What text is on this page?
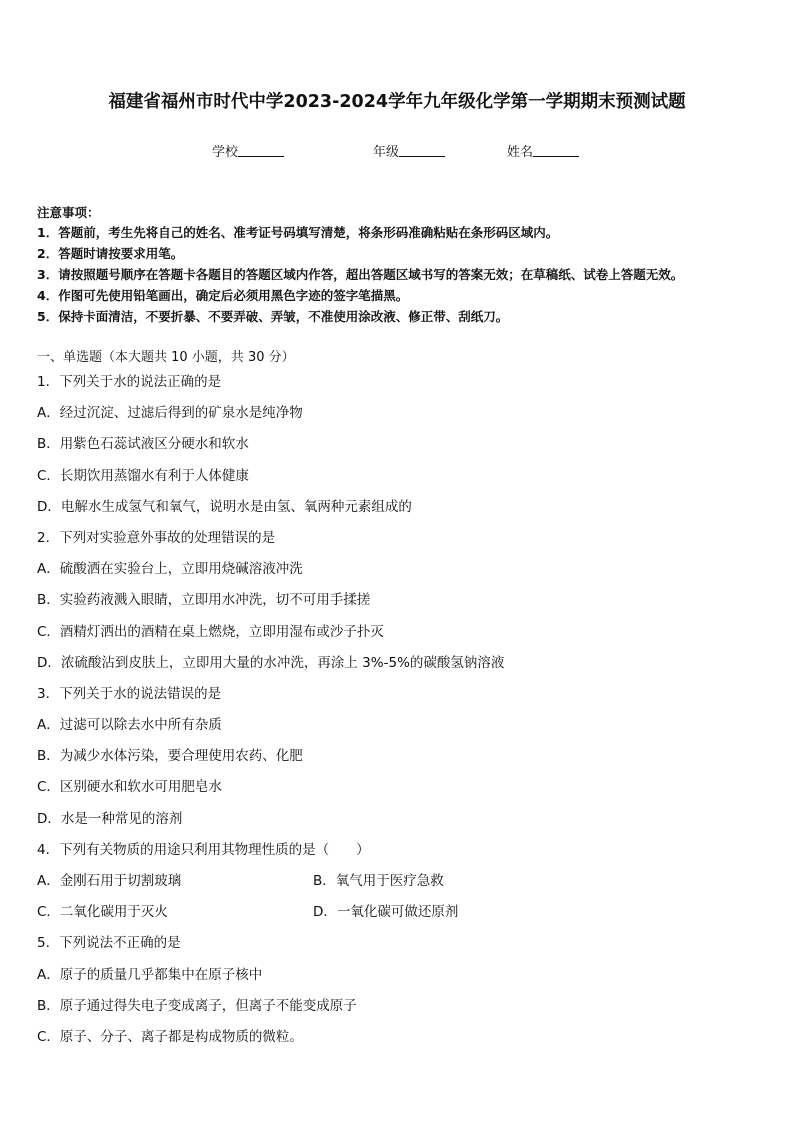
福建省福州市时代中学2023-2024学年九年级化学第一学期期末预测试题
学校	年级	姓名
注意事项：
1．答题前，考生先将自己的姓名、准考证号码填写清楚，将条形码准确粘贴在条形码区域内。
2．答题时请按要求用笔。
3．请按照题号顺序在答题卡各题目的答题区域内作答，超出答题区域书写的答案无效；在草稿纸、试卷上答题无效。
4．作图可先使用铅笔画出，确定后必须用黑色字迹的签字笔描黑。
5．保持卡面清洁，不要折暴、不要弄破、弄皱，不准使用涂改液、修正带、刮纸刀。
一、单选题（本大题共 10 小题，共 30 分）
1．下列关于水的说法正确的是
A．经过沉淀、过滤后得到的矿泉水是纯净物
B．用紫色石蕊试液区分硬水和软水
C．长期饮用蒸馏水有利于人体健康
D．电解水生成氢气和氧气，说明水是由氢、氧两种元素组成的
2．下列对实验意外事故的处理错误的是
A．硫酸洒在实验台上，立即用烧碱溶液冲洗
B．实验药液溅入眼睛，立即用水冲洗，切不可用手揉搓
C．酒精灯洒出的酒精在桌上燃烧，立即用湿布或沙子扑灭
D．浓硫酸沾到皮肤上，立即用大量的水冲洗，再涂上 3%-5%的碳酸氢钠溶液
3．下列关于水的说法错误的是
A．过滤可以除去水中所有杂质
B．为减少水体污染，要合理使用农药、化肥
C．区别硬水和软水可用肥皂水
D．水是一种常见的溶剂
4．下列有关物质的用途只利用其物理性质的是（　　）
A．金刚石用于切割玻璃	B．氧气用于医疗急救
C．二氧化碳用于灭火	D．一氧化碳可做还原剂
5．下列说法不正确的是
A．原子的质量几乎都集中在原子核中
B．原子通过得失电子变成离子，但离子不能变成原子
C．原子、分子、离子都是构成物质的微粒。
